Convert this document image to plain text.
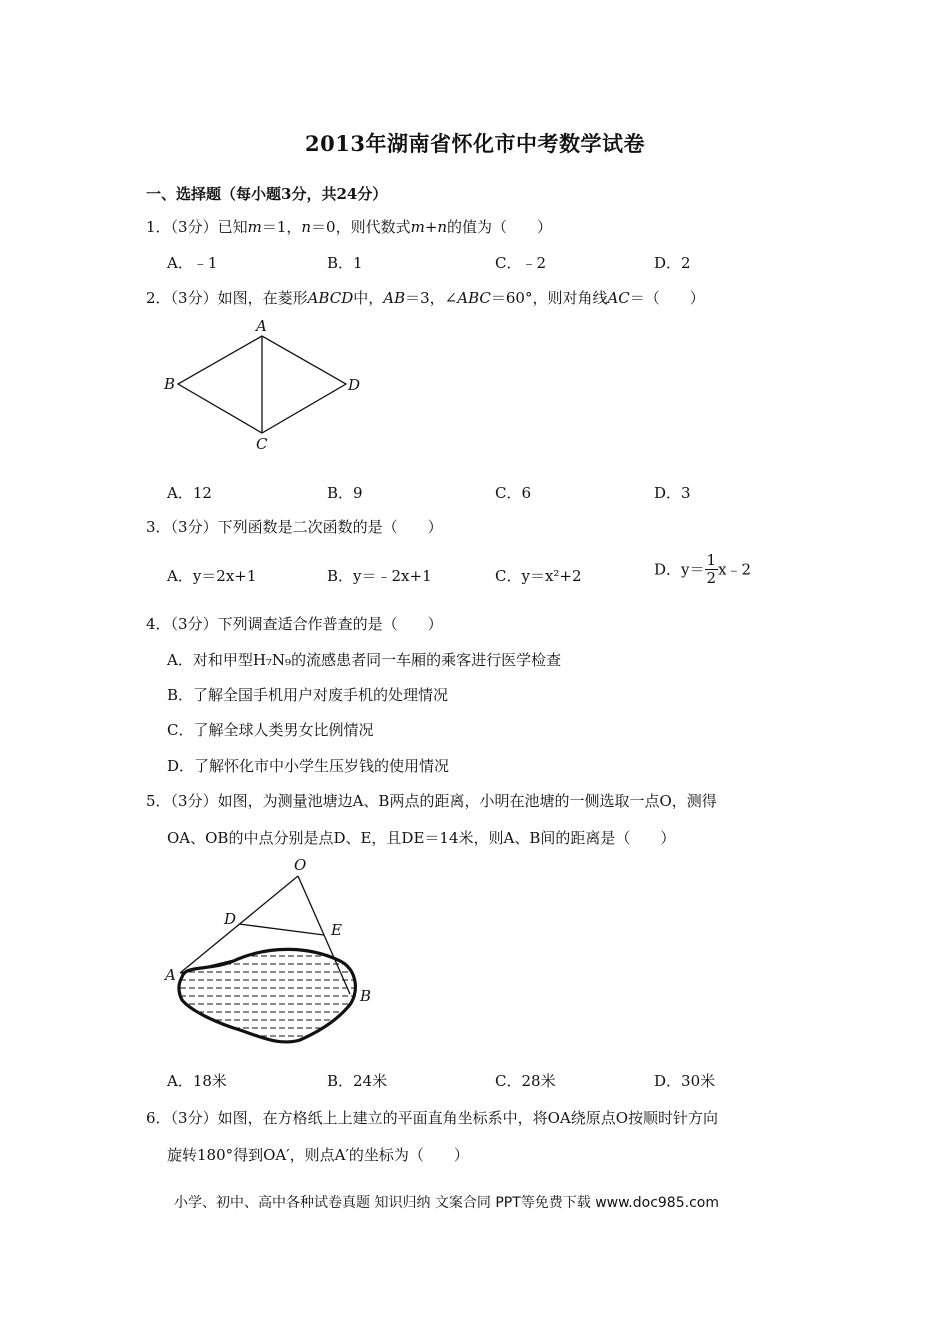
2013年湖南省怀化市中考数学试卷
一、选择题（每小题3分，共24分）
1．（3分）已知m＝1，n＝0，则代数式m+n的值为（　　）
A．﹣1	B．1	C．﹣2	D．2
2．（3分）如图，在菱形ABCD中，AB＝3，∠ABC＝60°，则对角线AC＝（　　）
A
B
C
D
A．12	B．9	C．6	D．3
3．（3分）下列函数是二次函数的是（　　）
A．y＝2x+1	B．y＝﹣2x+1	C．y＝x²+2	D．$y= \frac{1}{2}$ x﹣2
4．（3分）下列调查适合作普查的是（　　）
A．对和甲型H₇N₉的流感患者同一车厢的乘客进行医学检查
B．了解全国手机用户对废手机的处理情况
C．了解全球人类男女比例情况
D．了解怀化市中小学生压岁钱的使用情况
5．（3分）如图，为测量池塘边A、B两点的距离，小明在池塘的一侧选取一点O，测得
OA、OB的中点分别是点D、E，且DE＝14米，则A、B间的距离是（　　）
O
D
E
A
B
A．18米	B．24米	C．28米	D．30米
6．（3分）如图，在方格纸上上建立的平面直角坐标系中，将OA绕原点O按顺时针方向
旋转180°得到OA′，则点A′的坐标为（　　）
小学、初中、高中各种试卷真题 知识归纳 文案合同 PPT等免费下载 www.doc985.com
